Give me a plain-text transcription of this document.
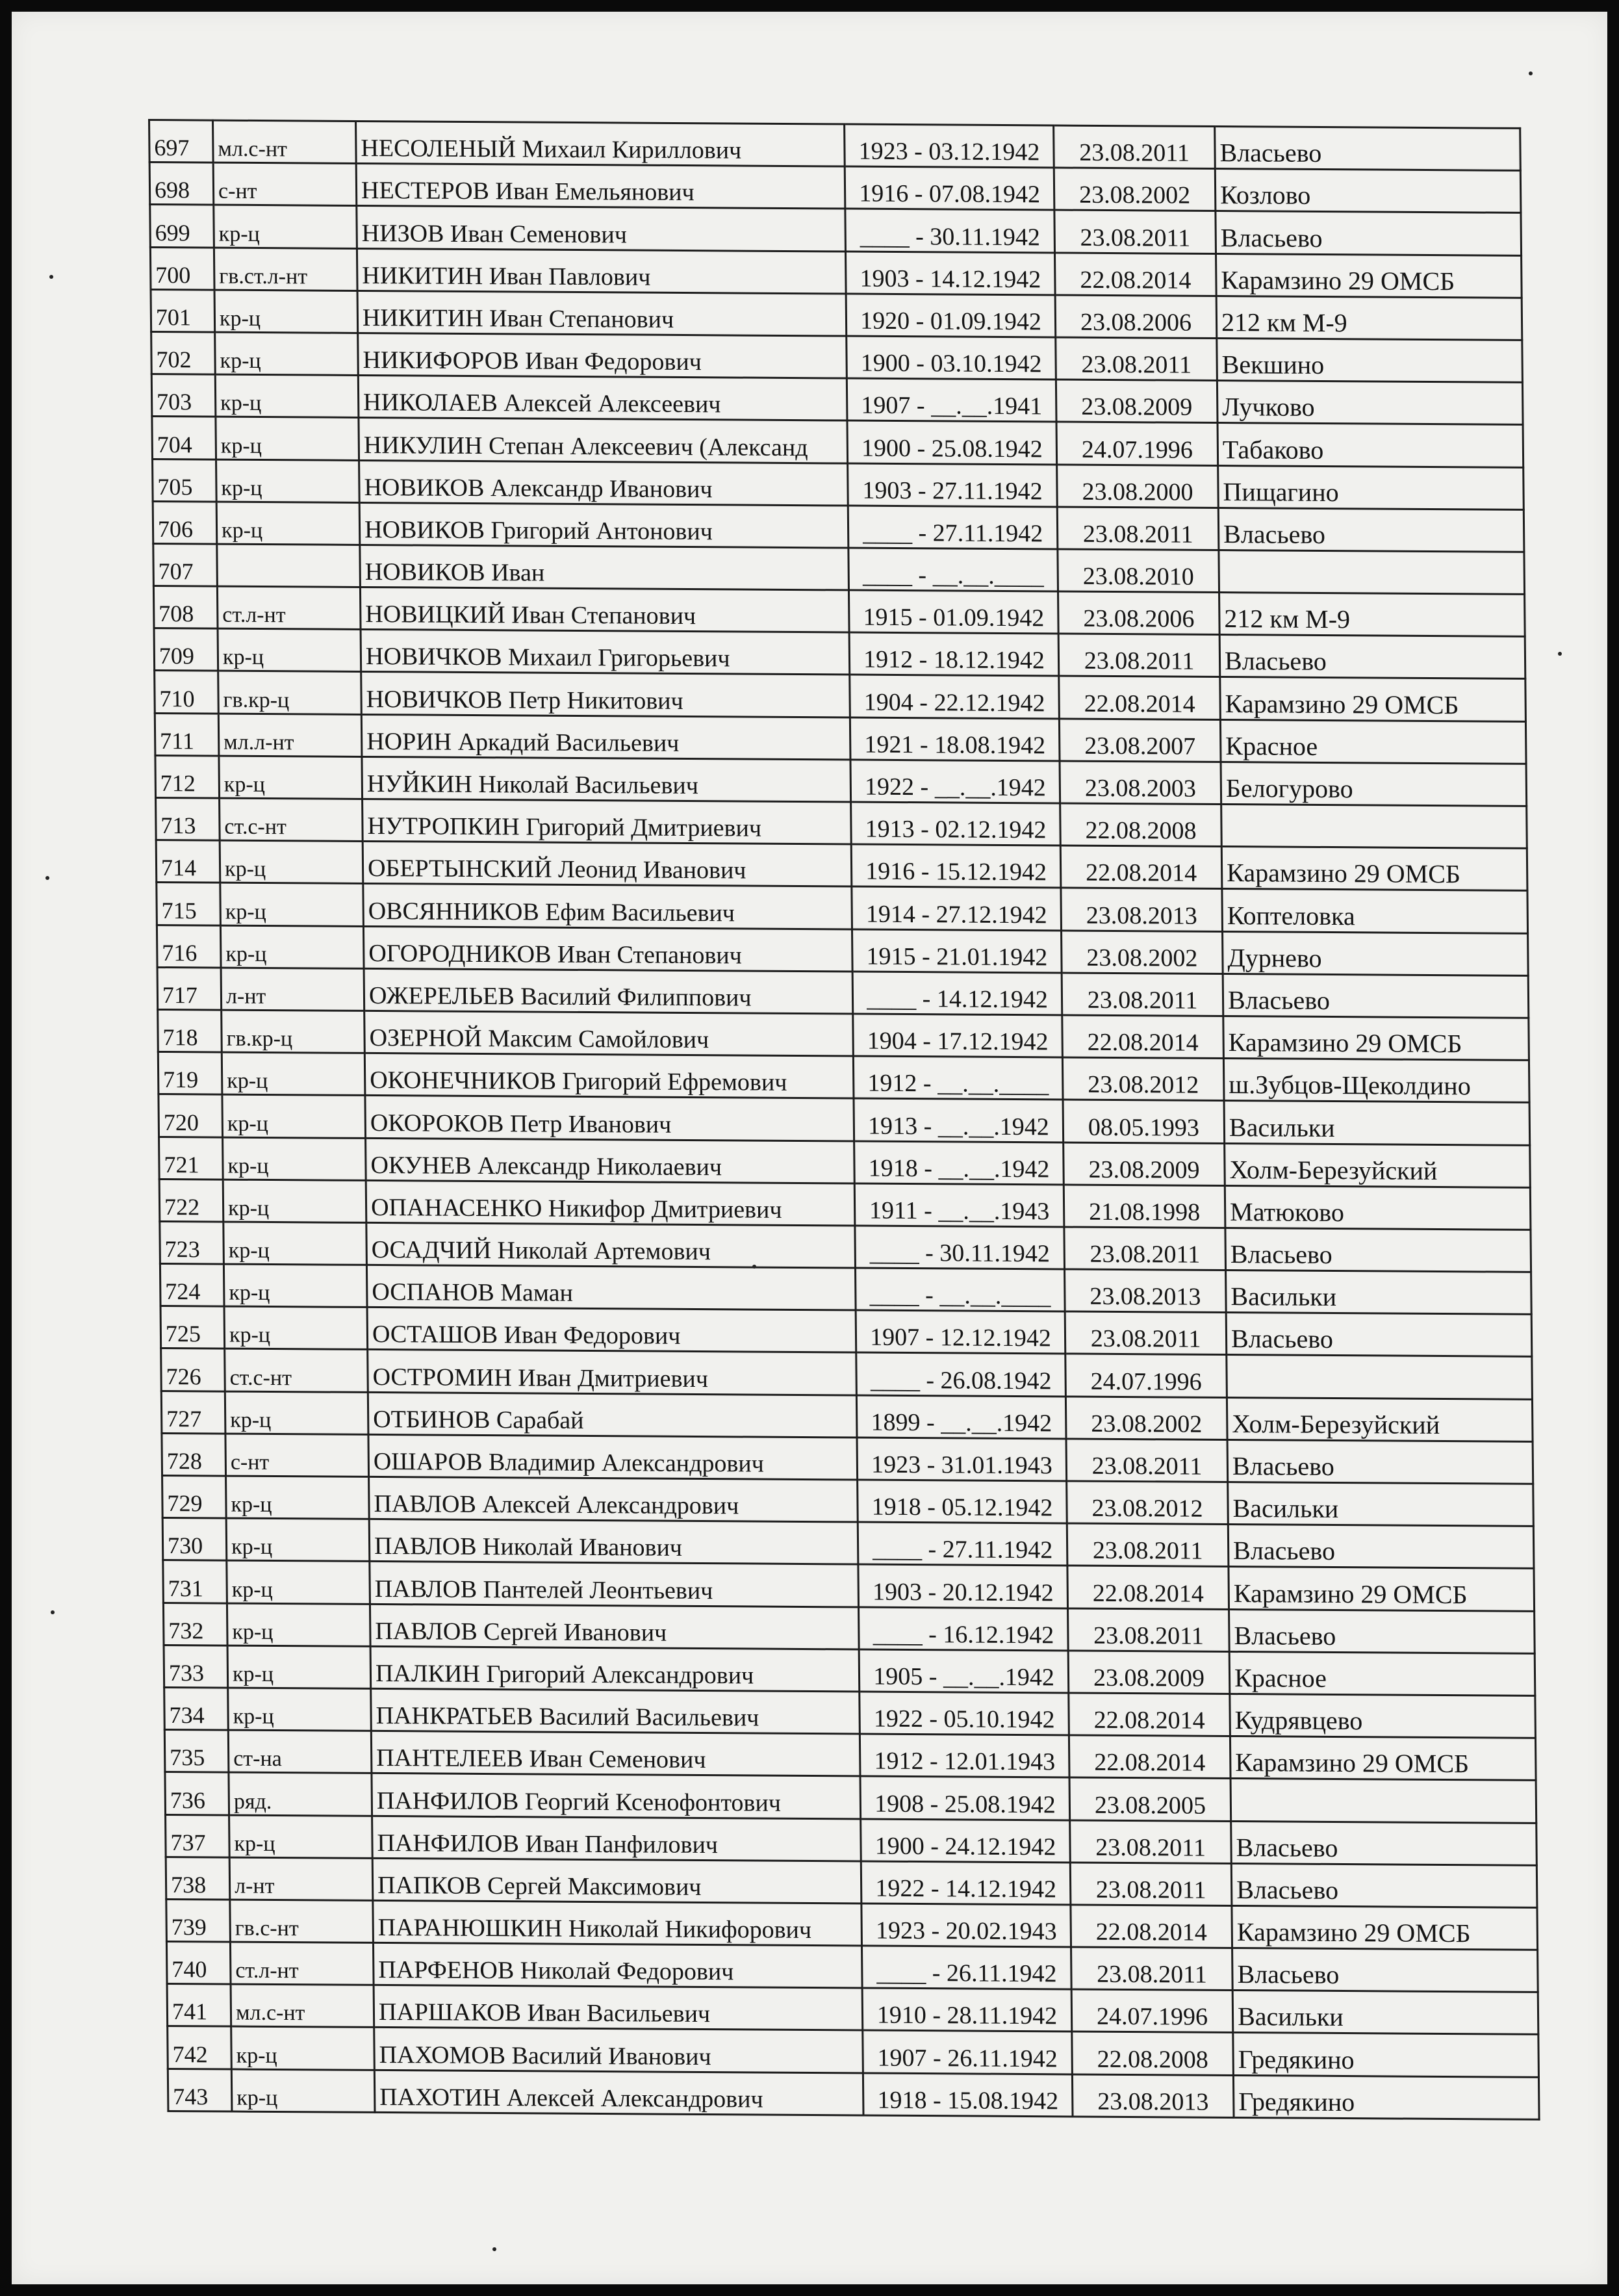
697	мл.с-нт	НЕСОЛЕНЫЙ Михаил Кириллович	1923 - 03.12.1942	23.08.2011	Власьево
698	с-нт	НЕСТЕРОВ Иван Емельянович	1916 - 07.08.1942	23.08.2002	Козлово
699	кр-ц	НИЗОВ Иван Семенович	____ - 30.11.1942	23.08.2011	Власьево
700	гв.ст.л-нт	НИКИТИН Иван Павлович	1903 - 14.12.1942	22.08.2014	Карамзино 29 ОМСБ
701	кр-ц	НИКИТИН Иван Степанович	1920 - 01.09.1942	23.08.2006	212 км М-9
702	кр-ц	НИКИФОРОВ Иван Федорович	1900 - 03.10.1942	23.08.2011	Векшино
703	кр-ц	НИКОЛАЕВ Алексей Алексеевич	1907 - __.__.1941	23.08.2009	Лучково
704	кр-ц	НИКУЛИН Степан Алексеевич (Александ	1900 - 25.08.1942	24.07.1996	Табаково
705	кр-ц	НОВИКОВ Александр Иванович	1903 - 27.11.1942	23.08.2000	Пищагино
706	кр-ц	НОВИКОВ Григорий Антонович	____ - 27.11.1942	23.08.2011	Власьево
707		НОВИКОВ Иван	____ - __.__.____	23.08.2010	
708	ст.л-нт	НОВИЦКИЙ Иван Степанович	1915 - 01.09.1942	23.08.2006	212 км М-9
709	кр-ц	НОВИЧКОВ Михаил Григорьевич	1912 - 18.12.1942	23.08.2011	Власьево
710	гв.кр-ц	НОВИЧКОВ Петр Никитович	1904 - 22.12.1942	22.08.2014	Карамзино 29 ОМСБ
711	мл.л-нт	НОРИН Аркадий Васильевич	1921 - 18.08.1942	23.08.2007	Красное
712	кр-ц	НУЙКИН Николай Васильевич	1922 - __.__.1942	23.08.2003	Белогурово
713	ст.с-нт	НУТРОПКИН Григорий Дмитриевич	1913 - 02.12.1942	22.08.2008	
714	кр-ц	ОБЕРТЫНСКИЙ Леонид Иванович	1916 - 15.12.1942	22.08.2014	Карамзино 29 ОМСБ
715	кр-ц	ОВСЯННИКОВ Ефим Васильевич	1914 - 27.12.1942	23.08.2013	Коптеловка
716	кр-ц	ОГОРОДНИКОВ Иван Степанович	1915 - 21.01.1942	23.08.2002	Дурнево
717	л-нт	ОЖЕРЕЛЬЕВ Василий Филиппович	____ - 14.12.1942	23.08.2011	Власьево
718	гв.кр-ц	ОЗЕРНОЙ Максим Самойлович	1904 - 17.12.1942	22.08.2014	Карамзино 29 ОМСБ
719	кр-ц	ОКОНЕЧНИКОВ Григорий Ефремович	1912 - __.__.____	23.08.2012	ш.Зубцов-Щеколдино
720	кр-ц	ОКОРОКОВ Петр Иванович	1913 - __.__.1942	08.05.1993	Васильки
721	кр-ц	ОКУНЕВ Александр Николаевич	1918 - __.__.1942	23.08.2009	Холм-Березуйский
722	кр-ц	ОПАНАСЕНКО Никифор Дмитриевич	1911 - __.__.1943	21.08.1998	Матюково
723	кр-ц	ОСАДЧИЙ Николай Артемович	____ - 30.11.1942	23.08.2011	Власьево
724	кр-ц	ОСПАНОВ Маман	____ - __.__.____	23.08.2013	Васильки
725	кр-ц	ОСТАШОВ Иван Федорович	1907 - 12.12.1942	23.08.2011	Власьево
726	ст.с-нт	ОСТРОМИН Иван Дмитриевич	____ - 26.08.1942	24.07.1996	
727	кр-ц	ОТБИНОВ Сарабай	1899 - __.__.1942	23.08.2002	Холм-Березуйский
728	с-нт	ОШАРОВ Владимир Александрович	1923 - 31.01.1943	23.08.2011	Власьево
729	кр-ц	ПАВЛОВ Алексей Александрович	1918 - 05.12.1942	23.08.2012	Васильки
730	кр-ц	ПАВЛОВ Николай Иванович	____ - 27.11.1942	23.08.2011	Власьево
731	кр-ц	ПАВЛОВ Пантелей Леонтьевич	1903 - 20.12.1942	22.08.2014	Карамзино 29 ОМСБ
732	кр-ц	ПАВЛОВ Сергей Иванович	____ - 16.12.1942	23.08.2011	Власьево
733	кр-ц	ПАЛКИН Григорий Александрович	1905 - __.__.1942	23.08.2009	Красное
734	кр-ц	ПАНКРАТЬЕВ Василий Васильевич	1922 - 05.10.1942	22.08.2014	Кудрявцево
735	ст-на	ПАНТЕЛЕЕВ Иван Семенович	1912 - 12.01.1943	22.08.2014	Карамзино 29 ОМСБ
736	ряд.	ПАНФИЛОВ Георгий Ксенофонтович	1908 - 25.08.1942	23.08.2005	
737	кр-ц	ПАНФИЛОВ Иван Панфилович	1900 - 24.12.1942	23.08.2011	Власьево
738	л-нт	ПАПКОВ Сергей Максимович	1922 - 14.12.1942	23.08.2011	Власьево
739	гв.с-нт	ПАРАНЮШКИН Николай Никифорович	1923 - 20.02.1943	22.08.2014	Карамзино 29 ОМСБ
740	ст.л-нт	ПАРФЕНОВ Николай Федорович	____ - 26.11.1942	23.08.2011	Власьево
741	мл.с-нт	ПАРШАКОВ Иван Васильевич	1910 - 28.11.1942	24.07.1996	Васильки
742	кр-ц	ПАХОМОВ Василий Иванович	1907 - 26.11.1942	22.08.2008	Гредякино
743	кр-ц	ПАХОТИН Алексей Александрович	1918 - 15.08.1942	23.08.2013	Гредякино
